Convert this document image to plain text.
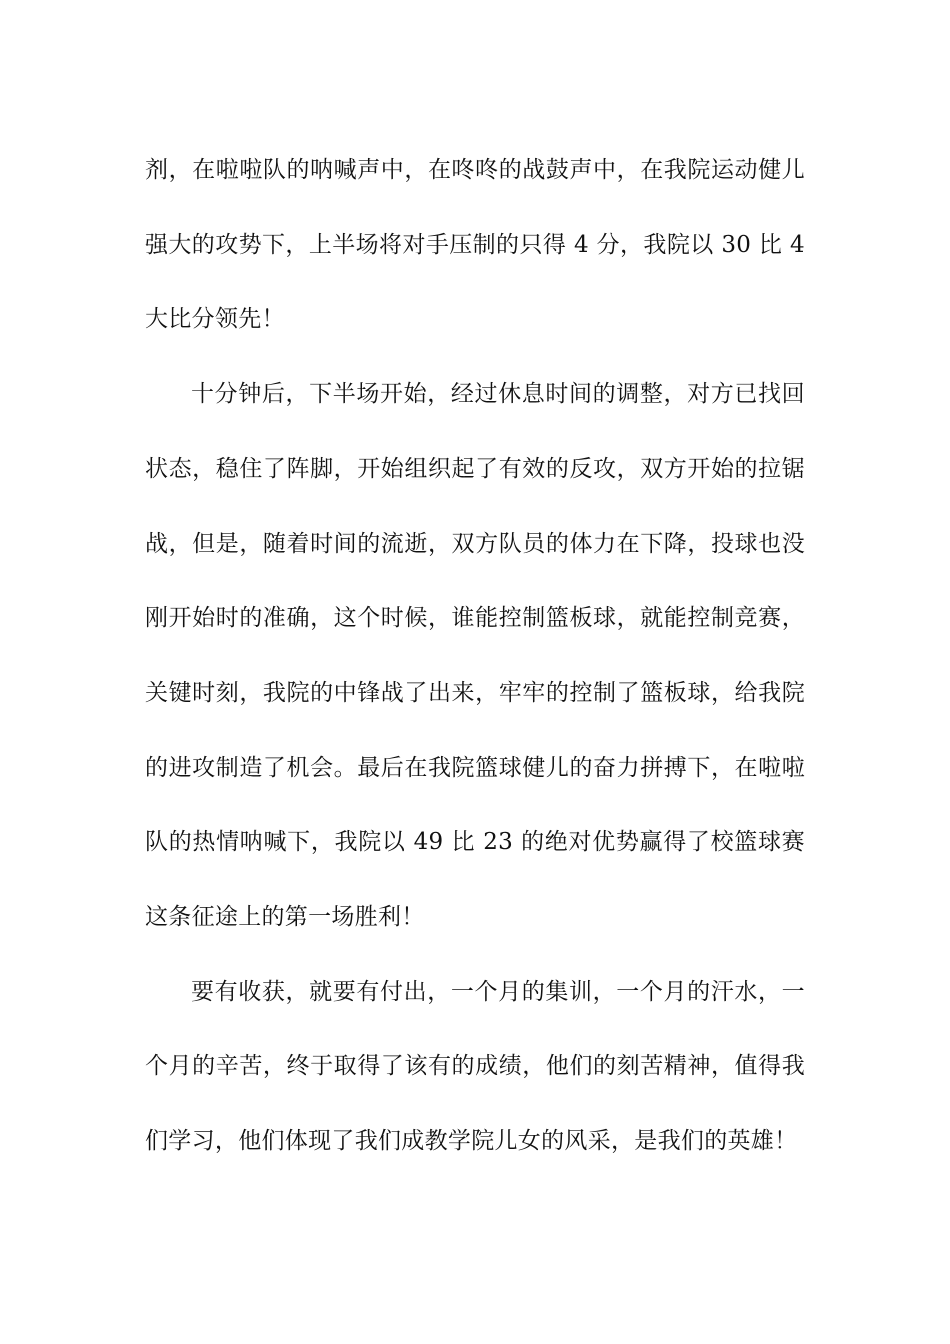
剂，在啦啦队的呐喊声中，在咚咚的战鼓声中，在我院运动健儿强大的攻势下，上半场将对手压制的只得 4 分，我院以 30 比 4 大比分领先！

十分钟后，下半场开始，经过休息时间的调整，对方已找回状态，稳住了阵脚，开始组织起了有效的反攻，双方开始的拉锯战，但是，随着时间的流逝，双方队员的体力在下降，投球也没刚开始时的准确，这个时候，谁能控制篮板球，就能控制竞赛，关键时刻，我院的中锋战了出来，牢牢的控制了篮板球，给我院的进攻制造了机会。最后在我院篮球健儿的奋力拼搏下，在啦啦队的热情呐喊下，我院以 49 比 23 的绝对优势赢得了校篮球赛这条征途上的第一场胜利！

要有收获，就要有付出，一个月的集训，一个月的汗水，一个月的辛苦，终于取得了该有的成绩，他们的刻苦精神，值得我们学习，他们体现了我们成教学院儿女的风采，是我们的英雄！
